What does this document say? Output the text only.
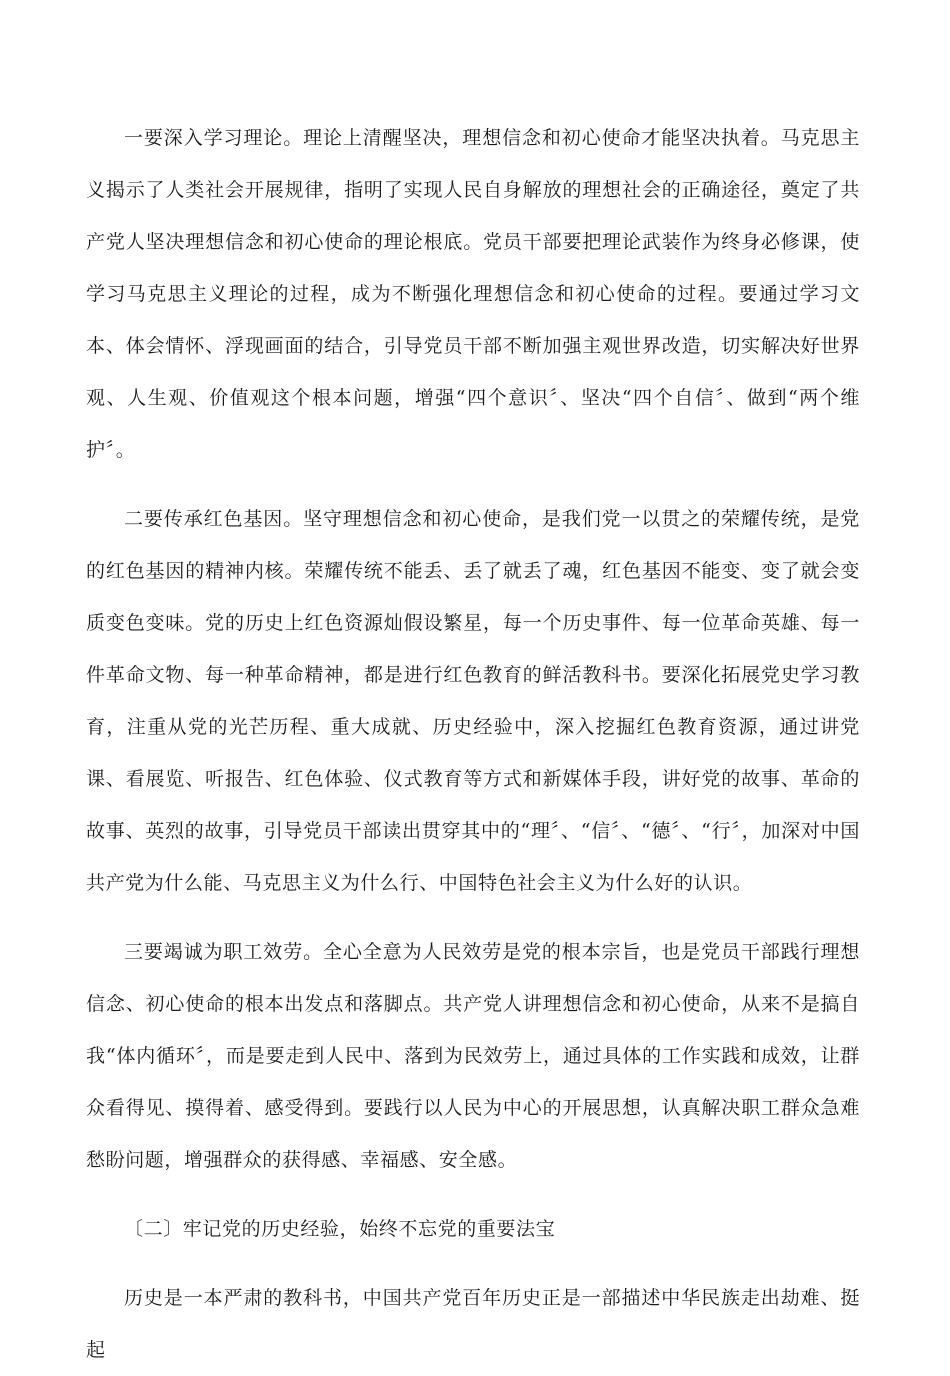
一要深入学习理论。理论上清醒坚决，理想信念和初心使命才能坚决执着。马克思主义揭示了人类社会开展规律，指明了实现人民自身解放的理想社会的正确途径，奠定了共产党人坚决理想信念和初心使命的理论根底。党员干部要把理论武装作为终身必修课，使学习马克思主义理论的过程，成为不断强化理想信念和初心使命的过程。要通过学习文本、体会情怀、浮现画面的结合，引导党员干部不断加强主观世界改造，切实解决好世界观、人生观、价值观这个根本问题，增强“四个意识〞、坚决“四个自信〞、做到“两个维护〞。

二要传承红色基因。坚守理想信念和初心使命，是我们党一以贯之的荣耀传统，是党的红色基因的精神内核。荣耀传统不能丢、丢了就丢了魂，红色基因不能变、变了就会变质变色变味。党的历史上红色资源灿假设繁星，每一个历史事件、每一位革命英雄、每一件革命文物、每一种革命精神，都是进行红色教育的鲜活教科书。要深化拓展党史学习教育，注重从党的光芒历程、重大成就、历史经验中，深入挖掘红色教育资源，通过讲党课、看展览、听报告、红色体验、仪式教育等方式和新媒体手段，讲好党的故事、革命的故事、英烈的故事，引导党员干部读出贯穿其中的“理〞、“信〞、“德〞、“行〞，加深对中国共产党为什么能、马克思主义为什么行、中国特色社会主义为什么好的认识。

三要竭诚为职工效劳。全心全意为人民效劳是党的根本宗旨，也是党员干部践行理想信念、初心使命的根本出发点和落脚点。共产党人讲理想信念和初心使命，从来不是搞自我“体内循环〞，而是要走到人民中、落到为民效劳上，通过具体的工作实践和成效，让群众看得见、摸得着、感受得到。要践行以人民为中心的开展思想，认真解决职工群众急难愁盼问题，增强群众的获得感、幸福感、安全感。

〔二〕牢记党的历史经验，始终不忘党的重要法宝

历史是一本严肃的教科书，中国共产党百年历史正是一部描述中华民族走出劫难、挺起
